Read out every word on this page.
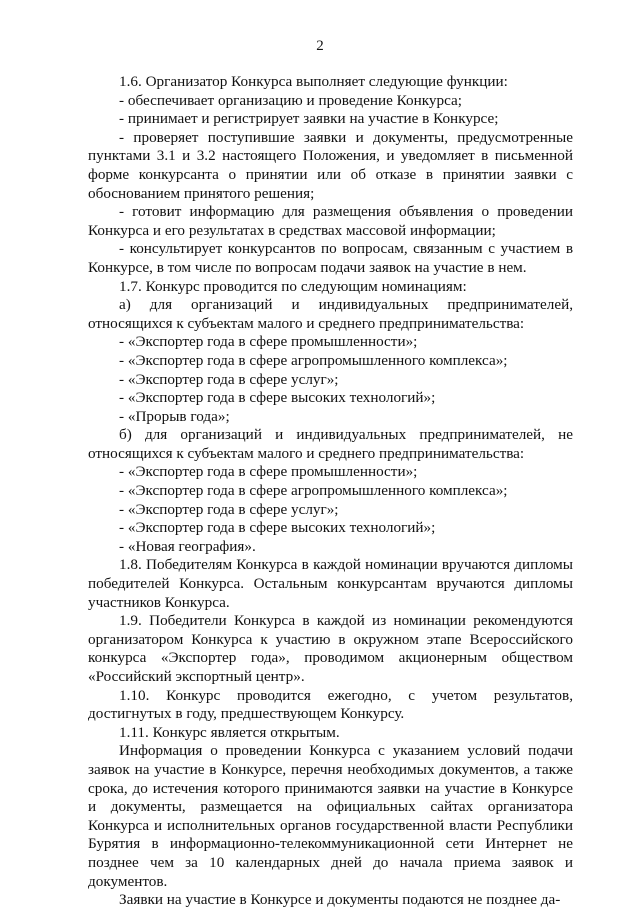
2

1.6. Организатор Конкурса выполняет следующие функции:

- обеспечивает организацию и проведение Конкурса;

- принимает и регистрирует заявки на участие в Конкурсе;

- проверяет поступившие заявки и документы, предусмотренные пунктами 3.1 и 3.2 настоящего Положения, и уведомляет в письменной форме конкурсанта о принятии или об отказе в принятии заявки с обоснованием принятого решения;

- готовит информацию для размещения объявления о проведении Конкурса и его результатах в средствах массовой информации;

- консультирует конкурсантов по вопросам, связанным с участием в Конкурсе, в том числе по вопросам подачи заявок на участие в нем.

1.7. Конкурс проводится по следующим номинациям:

а) для организаций и индивидуальных предпринимателей, относящихся к субъектам малого и среднего предпринимательства:

- «Экспортер года в сфере промышленности»;

- «Экспортер года в сфере агропромышленного комплекса»;

- «Экспортер года в сфере услуг»;

- «Экспортер года в сфере высоких технологий»;

- «Прорыв года»;

б) для организаций и индивидуальных предпринимателей, не относящихся к субъектам малого и среднего предпринимательства:

- «Экспортер года в сфере промышленности»;

- «Экспортер года в сфере агропромышленного комплекса»;

- «Экспортер года в сфере услуг»;

- «Экспортер года в сфере высоких технологий»;

- «Новая география».

1.8. Победителям Конкурса в каждой номинации вручаются дипломы победителей Конкурса. Остальным конкурсантам вручаются дипломы участников Конкурса.

1.9. Победители Конкурса в каждой из номинации рекомендуются организатором Конкурса к участию в окружном этапе Всероссийского конкурса «Экспортер года», проводимом акционерным обществом «Российский экспортный центр».

1.10. Конкурс проводится ежегодно, с учетом результатов, достигнутых в году, предшествующем Конкурсу.

1.11. Конкурс является открытым.

Информация о проведении Конкурса с указанием условий подачи заявок на участие в Конкурсе, перечня необходимых документов, а также срока, до истечения которого принимаются заявки на участие в Конкурсе и документы, размещается на официальных сайтах организатора Конкурса и исполнительных органов государственной власти Республики Бурятия в информационно-телекоммуникационной сети Интернет не позднее чем за 10 календарных дней до начала приема заявок и документов.

Заявки на участие в Конкурсе и документы подаются не позднее да-
